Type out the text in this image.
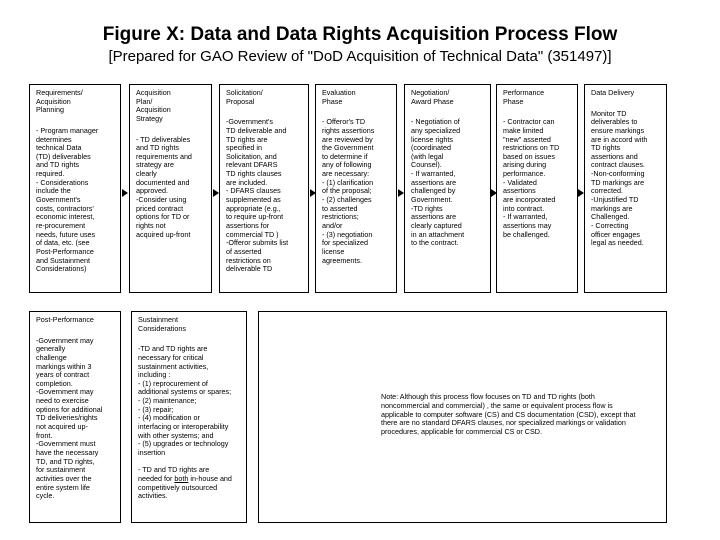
Figure X: Data and Data Rights Acquisition Process Flow
[Prepared for GAO Review of "DoD Acquisition of Technical Data" (351497)]
Requirements/
Acquisition
Planning
- Program manager
determines
technical Data
(TD) deliverables
and TD rights
required.
- Considerations
include the
Government's
costs, contractors'
economic interest,
re-procurement
needs, future uses
of data, etc. (see
Post-Performance
and Sustainment
Considerations)
Acquisition
Plan/
Acquisition
Strategy
- TD deliverables
and TD rights
requirements and
strategy are
clearly
documented and
approved.
-Consider using
priced contract
options for TD or
rights not
acquired up-front
Solicitation/
Proposal
-Government's
TD deliverable and
TD rights are
specified in
Solicitation, and
relevant DFARS
TD rights clauses
are included.
- DFARS clauses
supplemented as
appropriate (e.g.,
to require up-front
assertions for
commercial TD )
-Offeror submits list
of asserted
restrictions on
deliverable TD
Evaluation
Phase
- Offeror's TD
rights assertions
are reviewed by
the Government
to determine if
any of following
are necessary:
- (1) clarification
of the proposal;
- (2) challenges
to asserted
restrictions;
and/or
- (3) negotiation
for specialized
license
agreements.
Negotiation/
Award Phase
- Negotiation of
any specialized
license rights
(coordinated
(with legal
Counsel).
- If warranted,
assertions are
challenged by
Government.
-TD rights
assertions are
clearly captured
in an attachment
to the contract.
Performance
Phase
- Contractor can
make limited
"new" asserted
restrictions on TD
based on issues
arising during
performance.
- Validated
assertions
are incorporated
into contract.
- If warranted,
assertions may
be challenged.
Data Delivery
Monitor TD
deliverables to
ensure markings
are in accord with
TD rights
assertions and
contract clauses.
-Non-conforming
TD markings are
corrected.
-Unjustified TD
markings are
Challenged.
- Correcting
officer engages
legal as needed.
Post-Performance
-Government may
generally
challenge
markings within 3
years of contract
completion.
-Government may
need to exercise
options for additional
TD deliveries/rights
not acquired up-
front.
-Government must
have the necessary
TD, and TD rights,
for sustainment
activities over the
entire system life
cycle.
Sustainment
Considerations
-TD and TD rights are
necessary for critical
sustainment activities,
including :
- (1) reprocurement of
additional systems or spares;
- (2) maintenance;
- (3) repair;
- (4) modification or
interfacing or interoperability
with other systems; and
- (5) upgrades or technology
insertion

- TD and TD rights are
needed for both in-house and
competitively outsourced
activities.
Note: Although this process flow focuses on TD and TD rights (both noncommercial and commercial) , the same or equivalent process flow is applicable to computer software (CS) and CS documentation (CSD), except that there are no standard DFARS clauses, nor specialized markings or validation procedures, applicable for commercial CS or CSD.
